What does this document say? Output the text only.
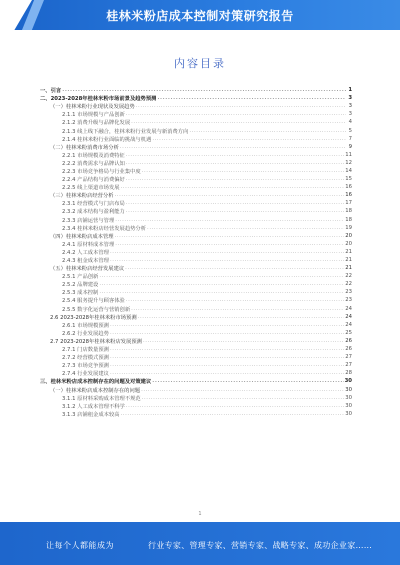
桂林米粉店成本控制对策研究报告
内容目录
一、引言 .....	1
二、2023-2028年桂林米粉市场前景及趋势预测 .....	3
（一）桂林米粉行业现状及发展趋势 .....	3
2.1.1 市场规模与产品创新 .....	3
2.1.2 消费升级与品牌化发展 .....	4
2.1.3 线上线下融合，桂林米粉行业发展与新消费方向 .....	5
2.1.4 桂林米粉行业面临的挑战与机遇 .....	7
（二）桂林米粉消费市场分析 .....	9
2.2.1 市场规模及消费特征 .....	11
2.2.2 消费需求与品牌认知 .....	12
2.2.3 市场竞争格局与行业集中度 .....	14
2.2.4 产品结构与消费偏好 .....	15
2.2.5 线上渠道市场发展 .....	16
（三）桂林米粉店经营分析 .....	16
2.3.1 经营模式与门店布局 .....	17
2.3.2 成本结构与盈利能力 .....	18
2.3.3 店铺运营与管理 .....	18
2.3.4 桂林米粉店经营发展趋势分析 .....	19
（四）桂林米粉店成本管理 .....	20
2.4.1 原材料成本管理 .....	20
2.4.2 人工成本管理 .....	21
2.4.3 租金成本管理 .....	21
（五）桂林米粉店经营发展建议 .....	21
2.5.1 产品创新 .....	22
2.5.2 品牌建设 .....	22
2.5.3 成本控制 .....	23
2.5.4 服务提升与顾客体验 .....	23
2.5.5 数字化运营与营销创新 .....	24
2.6 2023-2028年桂林米粉市场预测 .....	24
2.6.1 市场规模预测 .....	24
2.6.2 行业发展趋势 .....	25
2.7 2023-2028年桂林米粉店发展预测 .....	26
2.7.1 门店数量预测 .....	26
2.7.2 经营模式预测 .....	27
2.7.3 市场竞争预测 .....	27
2.7.4 行业发展建议 .....	28
三、桂林米粉店成本控制存在的问题及对策建议 .....	30
（一）桂林米粉店成本控制存在的问题 .....	30
3.1.1 原材料采购成本管理不规范 .....	30
3.1.2 人工成本管理不科学 .....	30
3.1.3 店铺租金成本较高 .....	30
1
让每个人都能成为	行业专家、管理专家、营销专家、战略专家、成功企业家……
